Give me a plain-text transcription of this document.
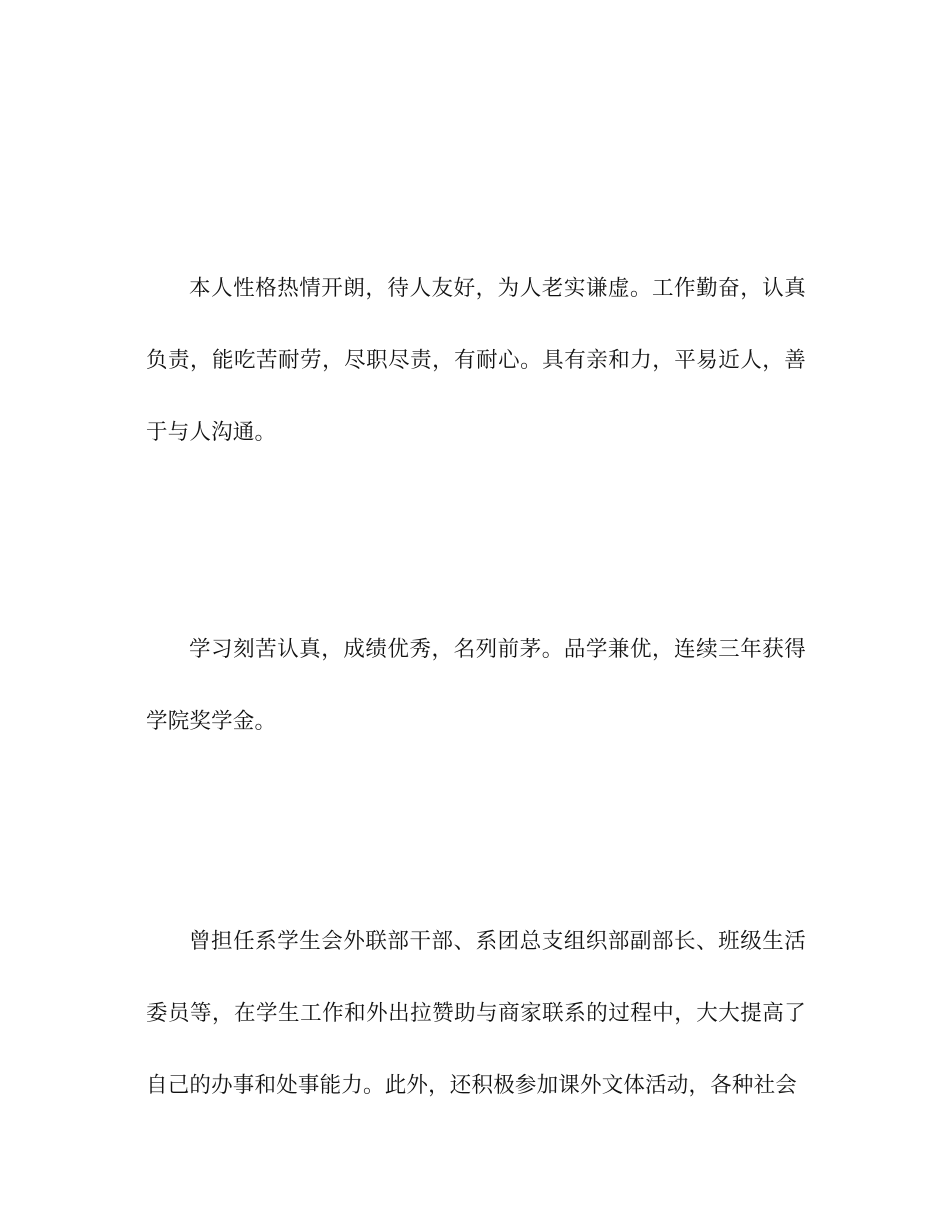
本人性格热情开朗，待人友好，为人老实谦虚。工作勤奋，认真负责，能吃苦耐劳，尽职尽责，有耐心。具有亲和力，平易近人，善于与人沟通。

学习刻苦认真，成绩优秀，名列前茅。品学兼优，连续三年获得学院奖学金。

曾担任系学生会外联部干部、系团总支组织部副部长、班级生活委员等，在学生工作和外出拉赞助与商家联系的过程中，大大提高了自己的办事和处事能力。此外，还积极参加课外文体活动，各种社会
